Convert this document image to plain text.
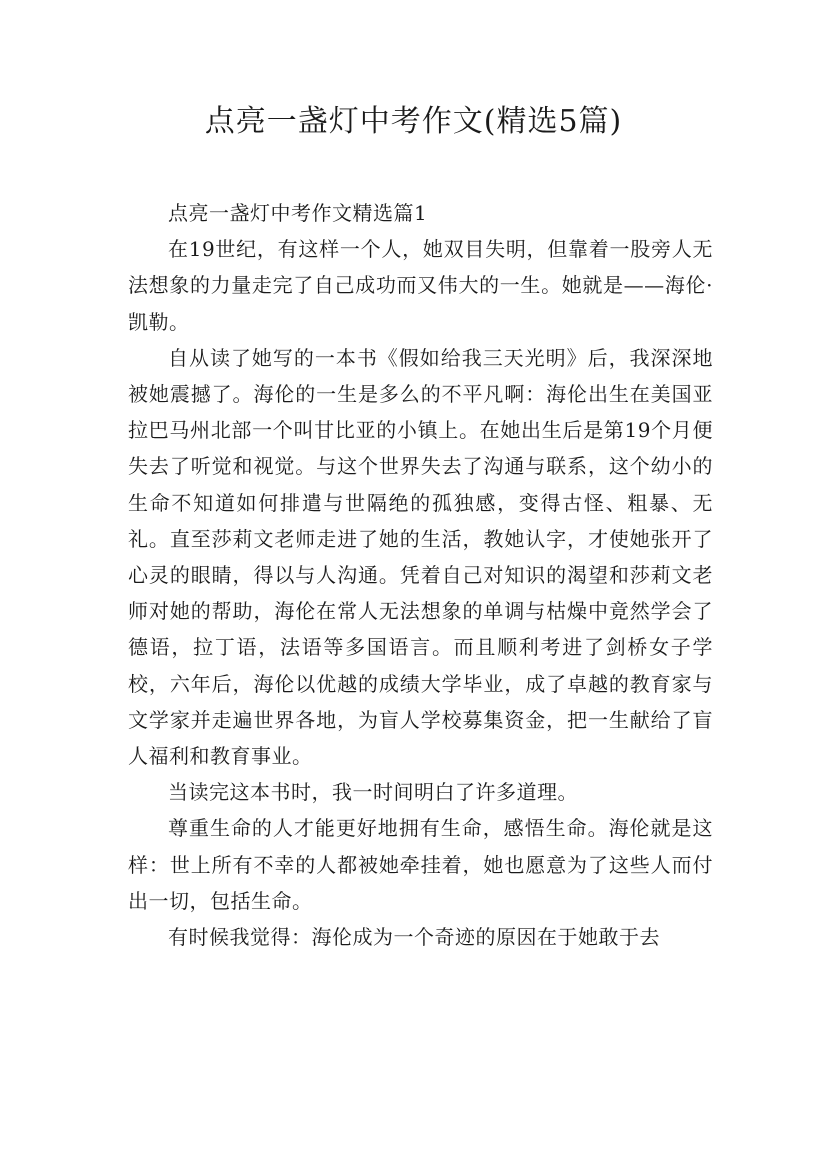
点亮一盏灯中考作文(精选5篇)

点亮一盏灯中考作文精选篇1

在19世纪，有这样一个人，她双目失明，但靠着一股旁人无法想象的力量走完了自己成功而又伟大的一生。她就是——海伦·凯勒。

自从读了她写的一本书《假如给我三天光明》后，我深深地被她震撼了。海伦的一生是多么的不平凡啊：海伦出生在美国亚拉巴马州北部一个叫甘比亚的小镇上。在她出生后是第19个月便失去了听觉和视觉。与这个世界失去了沟通与联系，这个幼小的生命不知道如何排遣与世隔绝的孤独感，变得古怪、粗暴、无礼。直至莎莉文老师走进了她的生活，教她认字，才使她张开了心灵的眼睛，得以与人沟通。凭着自己对知识的渴望和莎莉文老师对她的帮助，海伦在常人无法想象的单调与枯燥中竟然学会了德语，拉丁语，法语等多国语言。而且顺利考进了剑桥女子学校，六年后，海伦以优越的成绩大学毕业，成了卓越的教育家与文学家并走遍世界各地，为盲人学校募集资金，把一生献给了盲人福利和教育事业。

当读完这本书时，我一时间明白了许多道理。

尊重生命的人才能更好地拥有生命，感悟生命。海伦就是这样：世上所有不幸的人都被她牵挂着，她也愿意为了这些人而付出一切，包括生命。

有时候我觉得：海伦成为一个奇迹的原因在于她敢于去
